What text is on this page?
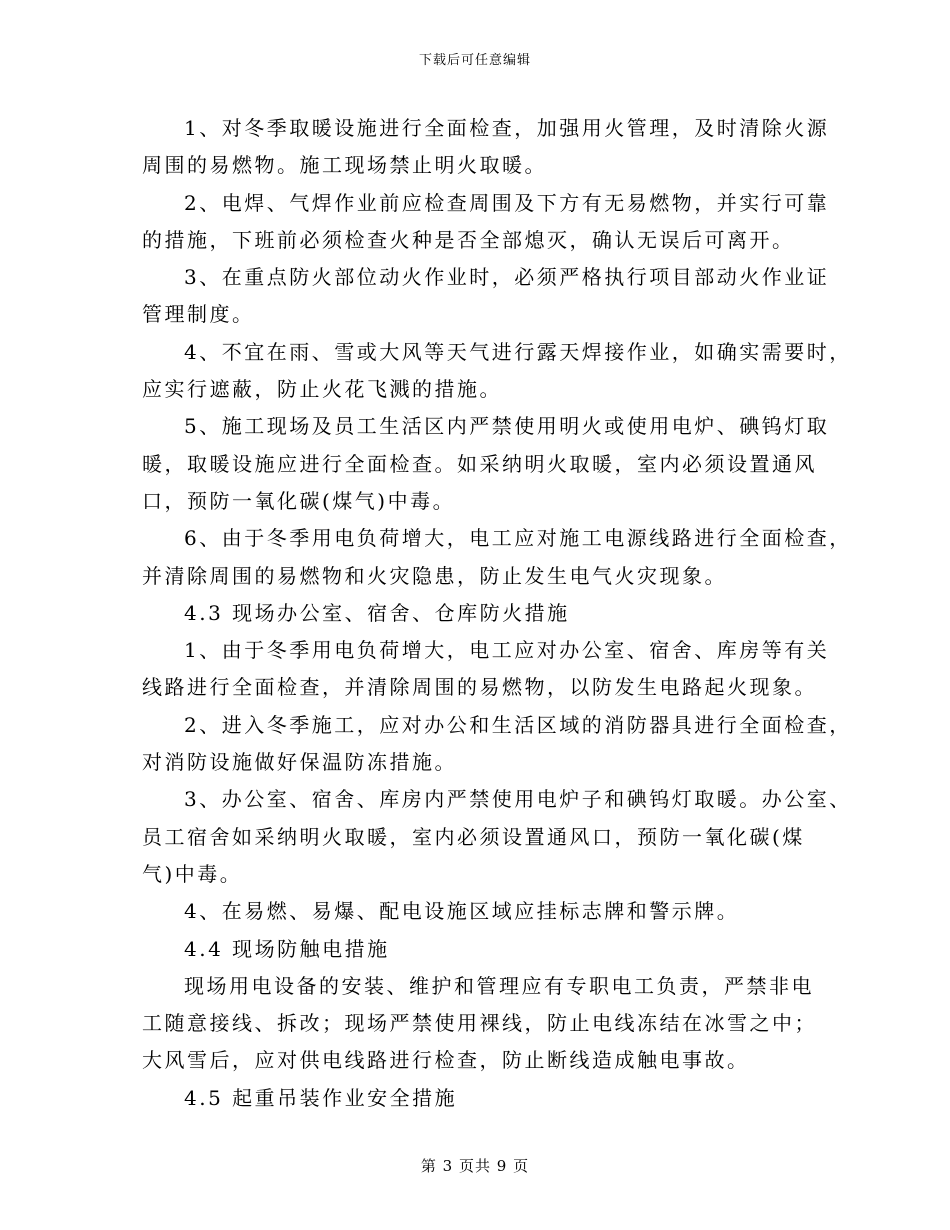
下载后可任意编辑

1、对冬季取暖设施进行全面检查，加强用火管理，及时清除火源

周围的易燃物。施工现场禁止明火取暖。

2、电焊、气焊作业前应检查周围及下方有无易燃物，并实行可靠

的措施，下班前必须检查火种是否全部熄灭，确认无误后可离开。

3、在重点防火部位动火作业时，必须严格执行项目部动火作业证

管理制度。

4、不宜在雨、雪或大风等天气进行露天焊接作业，如确实需要时，

应实行遮蔽，防止火花飞溅的措施。

5、施工现场及员工生活区内严禁使用明火或使用电炉、碘钨灯取

暖，取暖设施应进行全面检查。如采纳明火取暖，室内必须设置通风

口，预防一氧化碳(煤气)中毒。

6、由于冬季用电负荷增大，电工应对施工电源线路进行全面检查，

并清除周围的易燃物和火灾隐患，防止发生电气火灾现象。

4.3 现场办公室、宿舍、仓库防火措施

1、由于冬季用电负荷增大，电工应对办公室、宿舍、库房等有关

线路进行全面检查，并清除周围的易燃物，以防发生电路起火现象。

2、进入冬季施工，应对办公和生活区域的消防器具进行全面检查，

对消防设施做好保温防冻措施。

3、办公室、宿舍、库房内严禁使用电炉子和碘钨灯取暖。办公室、

员工宿舍如采纳明火取暖，室内必须设置通风口，预防一氧化碳(煤

气)中毒。

4、在易燃、易爆、配电设施区域应挂标志牌和警示牌。

4.4 现场防触电措施

现场用电设备的安装、维护和管理应有专职电工负责，严禁非电

工随意接线、拆改；现场严禁使用裸线，防止电线冻结在冰雪之中；

大风雪后，应对供电线路进行检查，防止断线造成触电事故。

4.5 起重吊装作业安全措施

第 3 页共 9 页
